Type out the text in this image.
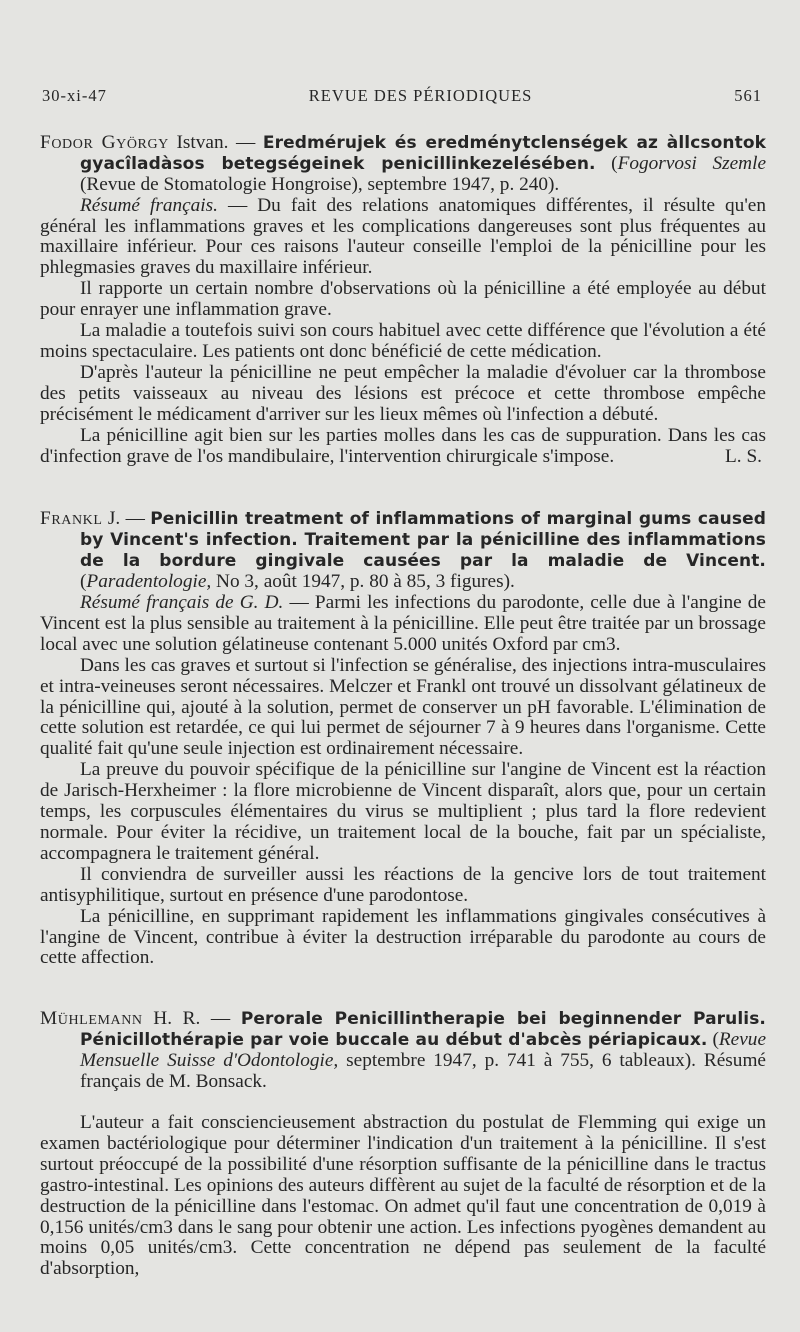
30-xi-47	REVUE DES PÉRIODIQUES	561
Fodor György Istvan. — Eredmérujek és eredménytclenségek az àllcsontok gyacîladàsos betegségeinek penicillinkezelésében. (Fogorvosi Szemle (Revue de Stomatologie Hongroise), septembre 1947, p. 240).

Résumé français. — Du fait des relations anatomiques différentes, il résulte qu'en général les inflammations graves et les complications dangereuses sont plus fréquentes au maxillaire inférieur. Pour ces raisons l'auteur conseille l'emploi de la pénicilline pour les phlegmasies graves du maxillaire inférieur.

Il rapporte un certain nombre d'observations où la pénicilline a été employée au début pour enrayer une inflammation grave.

La maladie a toutefois suivi son cours habituel avec cette différence que l'évolution a été moins spectaculaire. Les patients ont donc bénéficié de cette médication.

D'après l'auteur la pénicilline ne peut empêcher la maladie d'évoluer car la thrombose des petits vaisseaux au niveau des lésions est précoce et cette thrombose empêche précisément le médicament d'arriver sur les lieux mêmes où l'infection a débuté.

La pénicilline agit bien sur les parties molles dans les cas de suppuration. Dans les cas d'infection grave de l'os mandibulaire, l'intervention chirurgicale s'impose.	L. S.

Frankl J. — Penicillin treatment of inflammations of marginal gums caused by Vincent's infection. Traitement par la pénicilline des inflammations de la bordure gingivale causées par la maladie de Vincent. (Paradentologie, No 3, août 1947, p. 80 à 85, 3 figures).

Résumé français de G. D. — Parmi les infections du parodonte, celle due à l'angine de Vincent est la plus sensible au traitement à la pénicilline. Elle peut être traitée par un brossage local avec une solution gélatineuse contenant 5.000 unités Oxford par cm3.

Dans les cas graves et surtout si l'infection se généralise, des injections intra-musculaires et intra-veineuses seront nécessaires. Melczer et Frankl ont trouvé un dissolvant gélatineux de la pénicilline qui, ajouté à la solution, permet de conserver un pH favorable. L'élimination de cette solution est retardée, ce qui lui permet de séjourner 7 à 9 heures dans l'organisme. Cette qualité fait qu'une seule injection est ordinairement nécessaire.

La preuve du pouvoir spécifique de la pénicilline sur l'angine de Vincent est la réaction de Jarisch-Herxheimer : la flore microbienne de Vincent disparaît, alors que, pour un certain temps, les corpuscules élémentaires du virus se multiplient ; plus tard la flore redevient normale. Pour éviter la récidive, un traitement local de la bouche, fait par un spécialiste, accompagnera le traitement général.

Il conviendra de surveiller aussi les réactions de la gencive lors de tout traitement antisyphilitique, surtout en présence d'une parodontose.

La pénicilline, en supprimant rapidement les inflammations gingivales consécutives à l'angine de Vincent, contribue à éviter la destruction irréparable du parodonte au cours de cette affection.

Mühlemann H. R. — Perorale Penicillintherapie bei beginnender Parulis. Pénicillothérapie par voie buccale au début d'abcès périapicaux. (Revue Mensuelle Suisse d'Odontologie, septembre 1947, p. 741 à 755, 6 tableaux). Résumé français de M. Bonsack.

L'auteur a fait consciencieusement abstraction du postulat de Flemming qui exige un examen bactériologique pour déterminer l'indication d'un traitement à la pénicilline. Il s'est surtout préoccupé de la possibilité d'une résorption suffisante de la pénicilline dans le tractus gastro-intestinal. Les opinions des auteurs diffèrent au sujet de la faculté de résorption et de la destruction de la pénicilline dans l'estomac. On admet qu'il faut une concentration de 0,019 à 0,156 unités/cm3 dans le sang pour obtenir une action. Les infections pyogènes demandent au moins 0,05 unités/cm3. Cette concentration ne dépend pas seulement de la faculté d'absorption,
